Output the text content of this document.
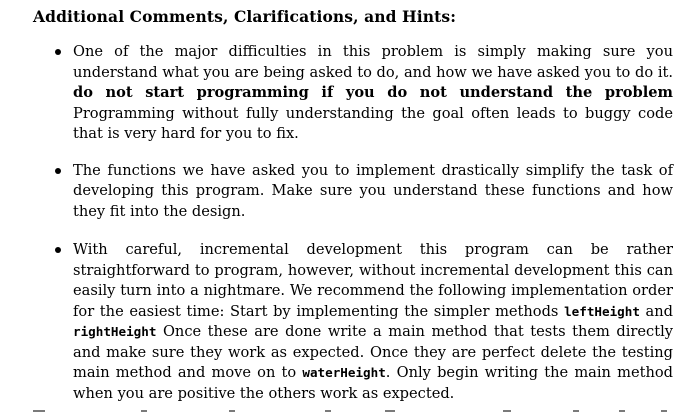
Additional Comments, Clarifications, and Hints:
One of the major difficulties in this problem is simply making sure you understand what you are being asked to do, and how we have asked you to do it. do not start programming if you do not understand the problem Programming without fully understanding the goal often leads to buggy code that is very hard for you to fix.
The functions we have asked you to implement drastically simplify the task of developing this program. Make sure you understand these functions and how they fit into the design.
With careful, incremental development this program can be rather straightforward to program, however, without incremental development this can easily turn into a nightmare. We recommend the following implementation order for the easiest time: Start by implementing the simpler methods leftHeight and rightHeight Once these are done write a main method that tests them directly and make sure they work as expected. Once they are perfect delete the testing main method and move on to waterHeight. Only begin writing the main method when you are positive the others work as expected.
